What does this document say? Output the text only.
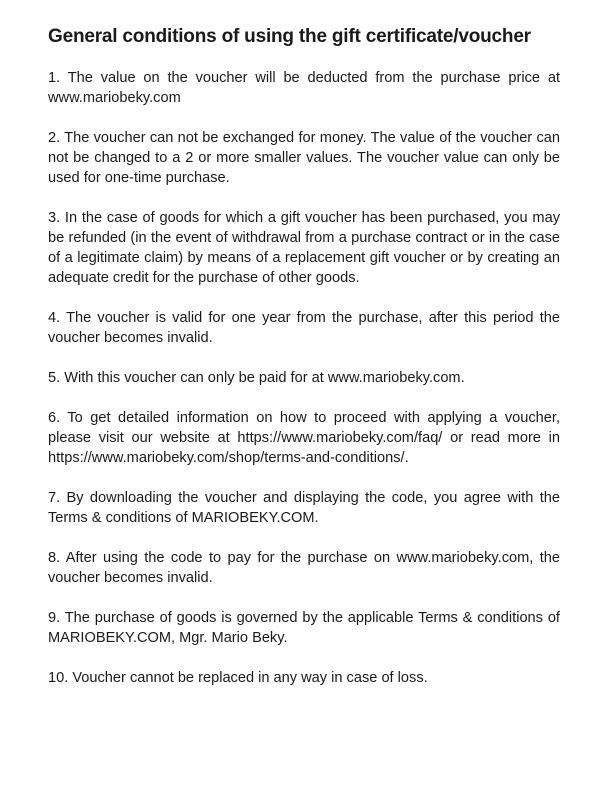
General conditions of using the gift certificate/voucher
1. The value on the voucher will be deducted from the purchase price at www.mariobeky.com
2. The voucher can not be exchanged for money. The value of the voucher can not be changed to a 2 or more smaller values. The voucher value can only be used for one-time purchase.
3. In the case of goods for which a gift voucher has been purchased, you may be refunded (in the event of withdrawal from a purchase contract or in the case of a legitimate claim) by means of a replacement gift voucher or by creating an adequate credit for the purchase of other goods.
4. The voucher is valid for one year from the purchase, after this period the voucher becomes invalid.
5. With this voucher can only be paid for at www.mariobeky.com.
6. To get detailed information on how to proceed with applying a voucher, please visit our website at https://www.mariobeky.com/faq/ or read more in https://www.mariobeky.com/shop/terms-and-conditions/.
7. By downloading the voucher and displaying the code, you agree with the Terms & conditions of MARIOBEKY.COM.
8. After using the code to pay for the purchase on www.mariobeky.com, the voucher becomes invalid.
9. The purchase of goods is governed by the applicable Terms & conditions of MARIOBEKY.COM, Mgr. Mario Beky.
10. Voucher cannot be replaced in any way in case of loss.
